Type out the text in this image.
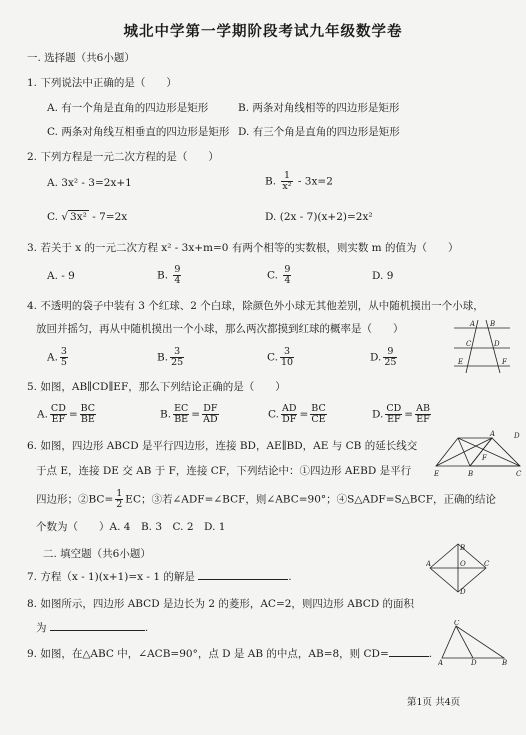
城北中学第一学期阶段考试九年级数学卷
一. 选择题（共6小题）
1. 下列说法中正确的是（　　）
A. 有一个角是直角的四边形是矩形	B. 两条对角线相等的四边形是矩形
C. 两条对角线互相垂直的四边形是矩形 D. 有三个角是直角的四边形是矩形
2. 下列方程是一元二次方程的是（　　）
A. 3x² - 3=2x+1	B. $\frac{1}{\text{x²}} - 3x=2$
C. √ 3x² - 7=2x	D. (2x - 7)(x+2)=2x²
3. 若关于 x 的一元二次方程 x² - 3x+m=0 有两个相等的实数根，则实数 m 的值为（　　）
A. - 9	B. $\frac{9}{4}$	C. $\frac{9}{4}$	D. 9
4. 不透明的袋子中装有 3 个红球、2 个白球，除颜色外小球无其他差别，从中随机摸出一个小球，
放回并摇匀，再从中随机摸出一个小球，那么两次都摸到红球的概率是（　　）
A. $\frac{3}{5}$	B. $\frac{3}{25}$	C. $\frac{3}{10}$	D. $\frac{9}{25}$
A B
C	D
E	F
5. 如图，AB∥CD∥EF，那么下列结论正确的是（　　）
A. $\frac{CD}{EF} = \frac{BC}{BE}$	B. $\frac{EC}{BE} = \frac{DF}{AD}$	C. $\frac{AD}{DF} = \frac{BC}{CE}$	D. $\frac{CD}{EF} = \frac{AB}{EF}$
6. 如图，四边形 ABCD 是平行四边形，连接 BD，AE∥BD，AE 与 CB 的延长线交
于点 E，连接 DE 交 AB 于 F，连接 CF，下列结论中：①四边形 AEBD 是平行
四边形；②BC= $\frac{1}{2}$ EC；③若∠ADF=∠BCF，则∠ABC=90°；④S△ADF=S△BCF，正确的结论
个数为（　　）A. 4　B. 3　C. 2　D. 1
A	D
E	B	C
F
二. 填空题（共6小题）
A
B
C
D
O
7. 方程（x - 1)(x+1)=x - 1 的解是	.
8. 如图所示，四边形 ABCD 是边长为 2 的菱形，AC=2，则四边形 ABCD 的面积
为	.
9. 如图，在△ABC 中，∠ACB=90°，点 D 是 AB 的中点，AB=8，则 CD=	.
C
A	D	B
第1页 共4页
